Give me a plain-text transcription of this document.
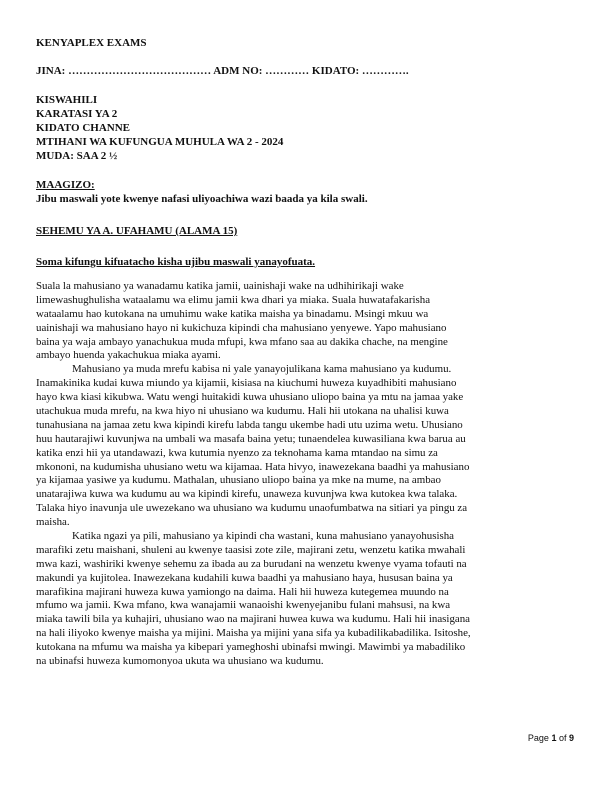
KENYAPLEX EXAMS
JINA: ………………………………… ADM NO: ………… KIDATO: ………….
KISWAHILI
KARATASI YA 2
KIDATO CHANNE
MTIHANI WA KUFUNGUA MUHULA WA 2 - 2024
MUDA: SAA 2 ½
MAAGIZO:
Jibu maswali yote kwenye nafasi uliyoachiwa wazi baada ya kila swali.
SEHEMU YA A. UFAHAMU (ALAMA 15)
Soma kifungu kifuatacho kisha ujibu maswali yanayofuata.
Suala la mahusiano ya wanadamu katika jamii, uainishaji wake na udhihirikaji wake
limewashughulisha wataalamu wa elimu jamii kwa dhari ya miaka. Suala huwatafakarisha
wataalamu hao kutokana na umuhimu wake katika maisha ya binadamu. Msingi mkuu wa
uainishaji wa mahusiano hayo ni kukichuza kipindi cha mahusiano yenyewe. Yapo mahusiano
baina ya waja ambayo yanachukua muda mfupi, kwa mfano saa au dakika chache, na mengine
ambayo huenda yakachukua miaka ayami.
Mahusiano ya muda mrefu kabisa ni yale yanayojulikana kama mahusiano ya kudumu.
Inamakinika kudai kuwa miundo ya kijamii, kisiasa na kiuchumi huweza kuyadhibiti mahusiano
hayo kwa kiasi kikubwa. Watu wengi huitakidi kuwa uhusiano uliopo baina ya mtu na jamaa yake
utachukua muda mrefu, na kwa hiyo ni uhusiano wa kudumu. Hali hii utokana na uhalisi kuwa
tunahusiana na jamaa zetu kwa kipindi kirefu labda tangu ukembe hadi utu uzima wetu. Uhusiano
huu hautarajiwi kuvunjwa na umbali wa masafa baina yetu; tunaendelea kuwasiliana kwa barua au
katika enzi hii ya utandawazi, kwa kutumia nyenzo za teknohama kama mtandao na simu za
mkononi, na kudumisha uhusiano wetu wa kijamaa. Hata hivyo, inawezekana baadhi ya mahusiano
ya kijamaa yasiwe ya kudumu. Mathalan, uhusiano uliopo baina ya mke na mume, na ambao
unatarajiwa kuwa wa kudumu au wa kipindi kirefu, unaweza kuvunjwa kwa kutokea kwa talaka.
Talaka hiyo inavunja ule uwezekano wa uhusiano wa kudumu unaofumbatwa na sitiari ya pingu za
maisha.
Katika ngazi ya pili, mahusiano ya kipindi cha wastani, kuna mahusiano yanayohusisha
marafiki zetu maishani, shuleni au kwenye taasisi zote zile, majirani zetu, wenzetu katika mwahali
mwa kazi, washiriki kwenye sehemu za ibada au za burudani na wenzetu kwenye vyama tofauti na
makundi ya kujitolea. Inawezekana kudahili kuwa baadhi ya mahusiano haya, hususan baina ya
marafikina majirani huweza kuwa yamiongo na daima. Hali hii huweza kutegemea muundo na
mfumo wa jamii. Kwa mfano, kwa wanajamii wanaoishi kwenyejanibu fulani mahsusi, na kwa
miaka tawili bila ya kuhajiri, uhusiano wao na majirani huwea kuwa wa kudumu. Hali hii inasigana
na hali iliyoko kwenye maisha ya mijini. Maisha ya mijini yana sifa ya kubadilikabadilika. Isitoshe,
kutokana na mfumu wa maisha ya kibepari yameghoshi ubinafsi mwingi. Mawimbi ya mabadiliko
na ubinafsi huweza kumomonyoa ukuta wa uhusiano wa kudumu.
Page 1 of 9
